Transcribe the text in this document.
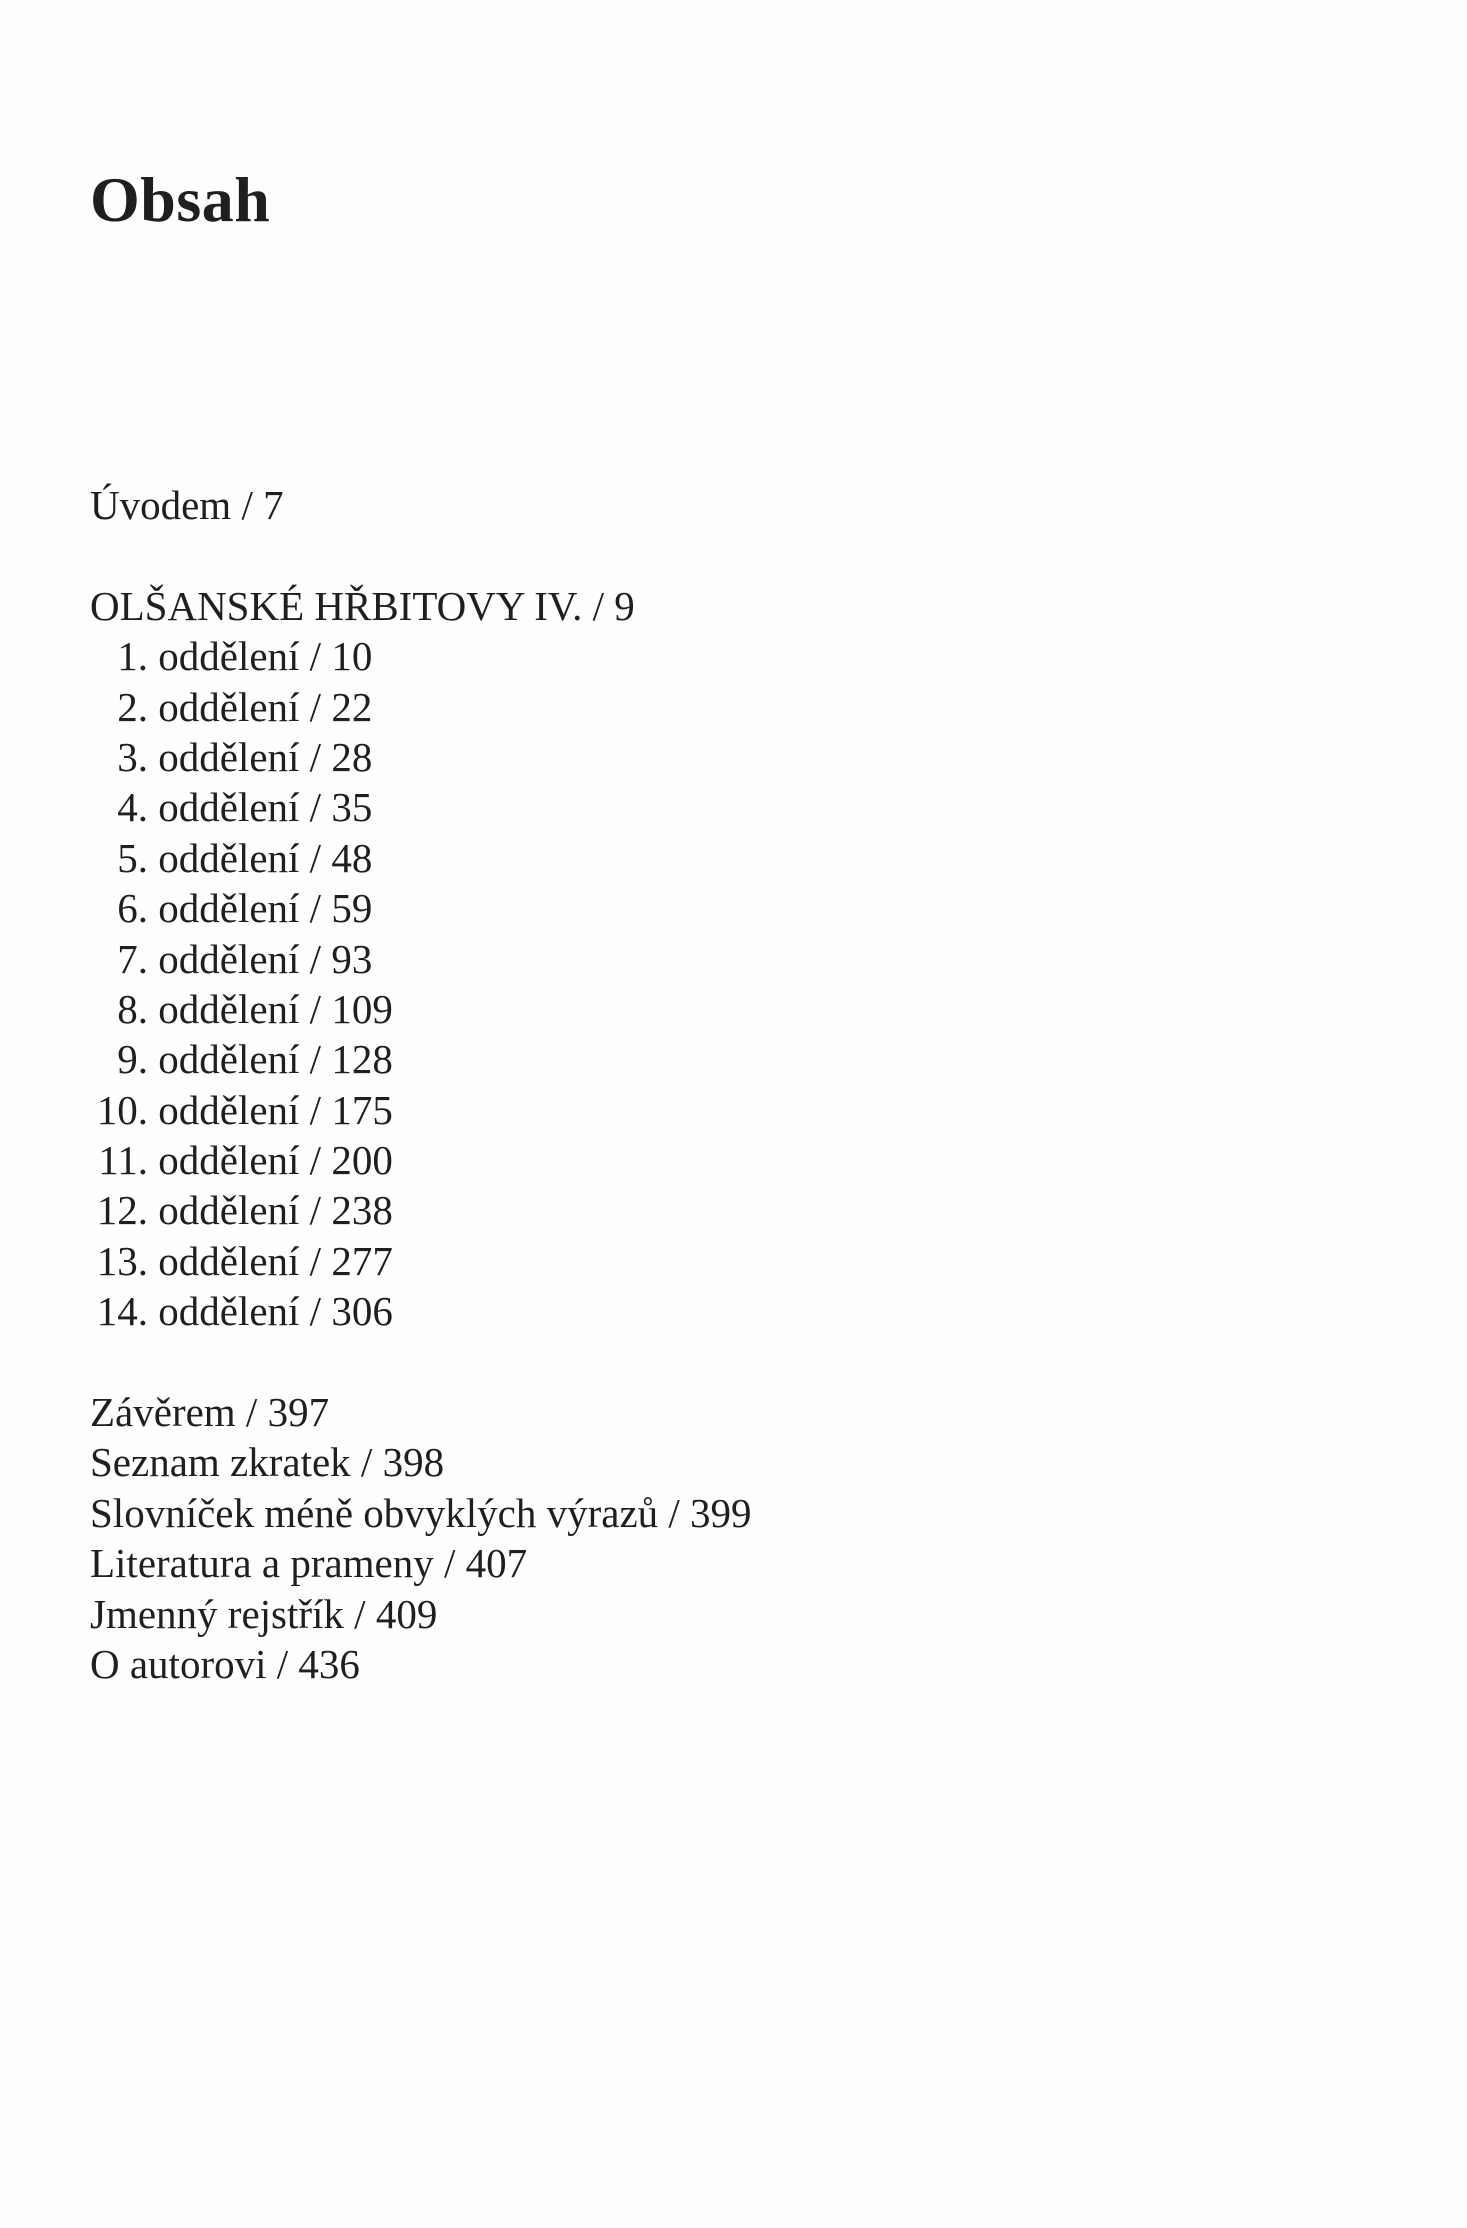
Obsah
Úvodem / 7
OLŠANSKÉ HŘBITOVY IV. / 9
1. oddělení / 10
2. oddělení / 22
3. oddělení / 28
4. oddělení / 35
5. oddělení / 48
6. oddělení / 59
7. oddělení / 93
8. oddělení / 109
9. oddělení / 128
10. oddělení / 175
11. oddělení / 200
12. oddělení / 238
13. oddělení / 277
14. oddělení / 306
Závěrem / 397
Seznam zkratek / 398
Slovníček méně obvyklých výrazů / 399
Literatura a prameny / 407
Jmenný rejstřík / 409
O autorovi / 436
